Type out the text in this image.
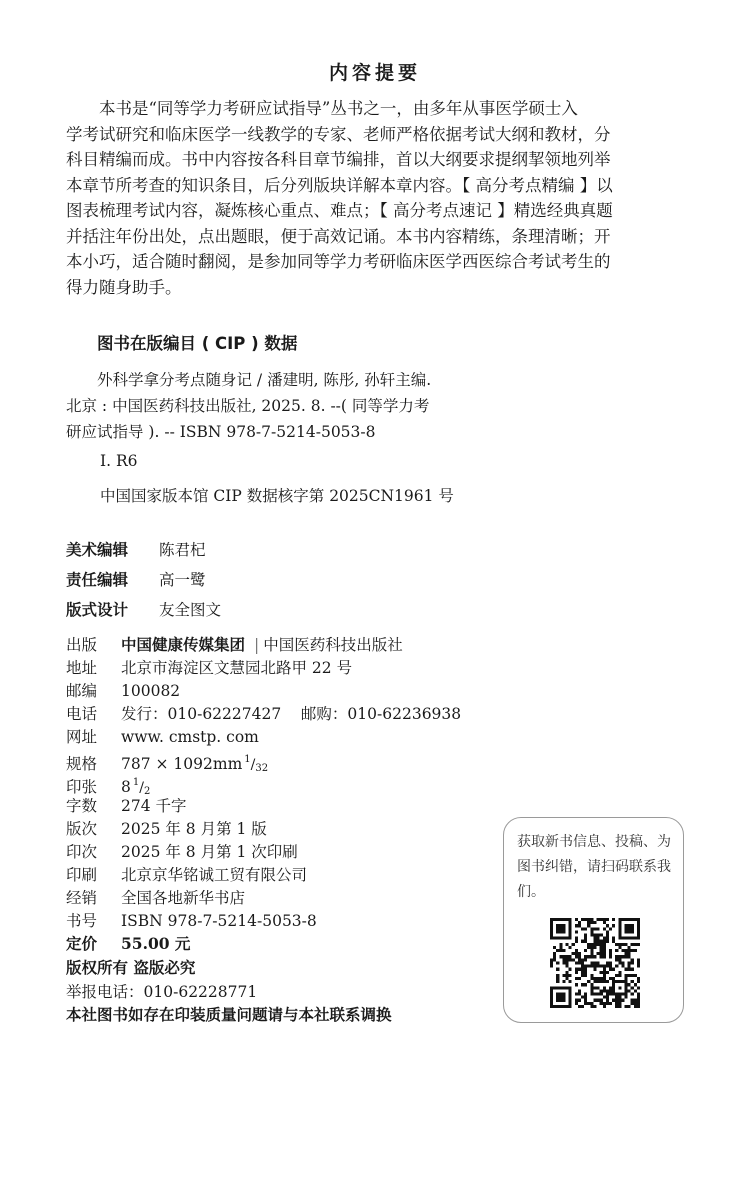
内容提要
本书是“同等学力考研应试指导”丛书之一，由多年从事医学硕士入
学考试研究和临床医学一线教学的专家、老师严格依据考试大纲和教材，分
科目精编而成。书中内容按各科目章节编排，首以大纲要求提纲挈领地列举
本章节所考查的知识条目，后分列版块详解本章内容。【 高分考点精编 】以
图表梳理考试内容，凝炼核心重点、难点；【 高分考点速记 】精选经典真题
并括注年份出处，点出题眼，便于高效记诵。本书内容精练，条理清晰；开
本小巧，适合随时翻阅，是参加同等学力考研临床医学西医综合考试考生的
得力随身助手。
图书在版编目 ( CIP ) 数据
外科学拿分考点随身记 / 潘建明, 陈彤, 孙轩主编.
北京 : 中国医药科技出版社, 2025. 8. --( 同等学力考
研应试指导 ). -- ISBN 978-7-5214-5053-8
Ⅰ. R6
中国国家版本馆 CIP 数据核字第 2025CN1961 号
美术编辑 陈君杞
责任编辑 高一鹭
版式设计 友全图文
出版 中国健康传媒集团 | 中国医药科技出版社
地址 北京市海淀区文慧园北路甲 22 号
邮编 100082
电话 发行：010-62227427    邮购：010-62236938
网址 www. cmstp. com
规格 787 × 1092mm $^1/_{32}$
印张 8 $^1/_2$
字数 274 千字
版次 2025 年 8 月第 1 版
印次 2025 年 8 月第 1 次印刷
印刷 北京京华铭诚工贸有限公司
经销 全国各地新华书店
书号 ISBN 978-7-5214-5053-8
定价 55.00 元
版权所有 盗版必究
举报电话：010-62228771
本社图书如存在印装质量问题请与本社联系调换
获取新书信息、投稿、为图书纠错，请扫码联系我们。
